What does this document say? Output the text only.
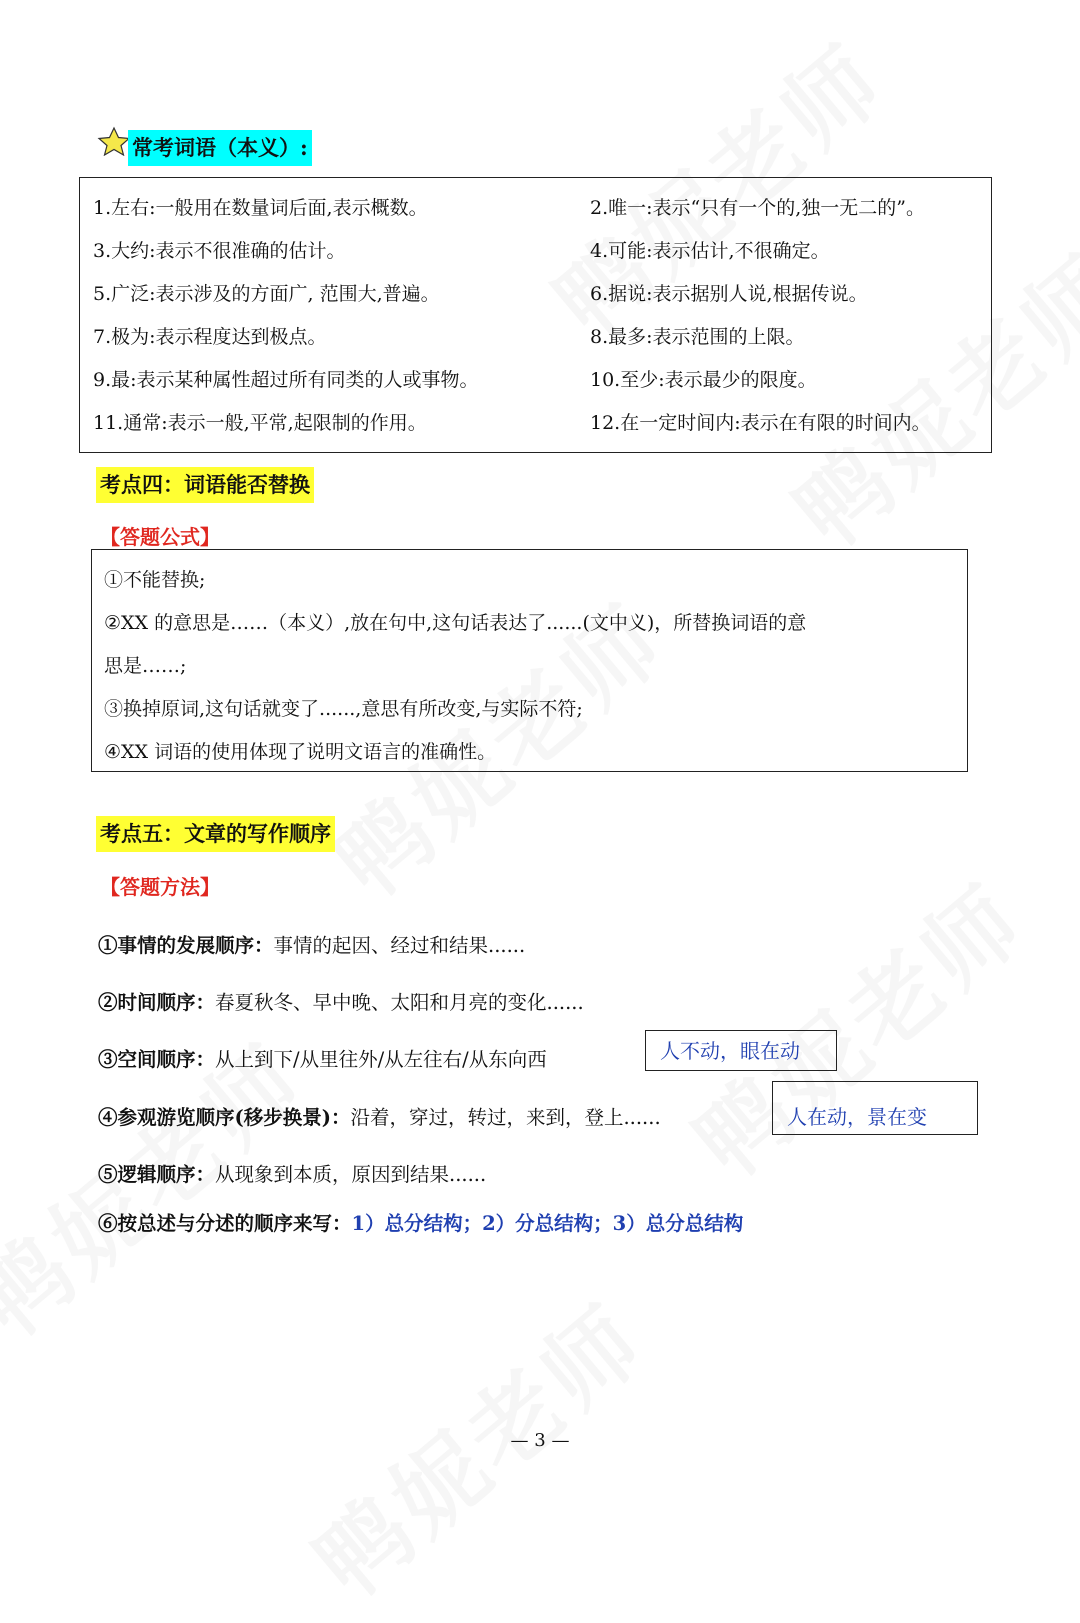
常考词语（本义）:
1.左右:一般用在数量词后面,表示概数。	2.唯一:表示“只有一个的,独一无二的”。
3.大约:表示不很准确的估计。	4.可能:表示估计,不很确定。
5.广泛:表示涉及的方面广, 范围大,普遍。	6.据说:表示据别人说,根据传说。
7.极为:表示程度达到极点。	8.最多:表示范围的上限。
9.最:表示某种属性超过所有同类的人或事物。	10.至少:表示最少的限度。
11.通常:表示一般,平常,起限制的作用。	12.在一定时间内:表示在有限的时间内。
考点四：词语能否替换
【答题公式】
①不能替换;
②XX 的意思是……（本义）,放在句中,这句话表达了......(文中义)，所替换词语的意
思是……;
③换掉原词,这句话就变了......,意思有所改变,与实际不符;
④XX 词语的使用体现了说明文语言的准确性。
考点五：文章的写作顺序
【答题方法】
①事情的发展顺序：事情的起因、经过和结果......
②时间顺序：春夏秋冬、早中晚、太阳和月亮的变化......
③空间顺序：从上到下/从里往外/从左往右/从东向西	人不动，眼在动
④参观游览顺序(移步换景)：沿着，穿过，转过，来到，登上......	人在动，景在变
⑤逻辑顺序：从现象到本质，原因到结果......
⑥按总述与分述的顺序来写：1）总分结构；2）分总结构；3）总分总结构
— 3 —
